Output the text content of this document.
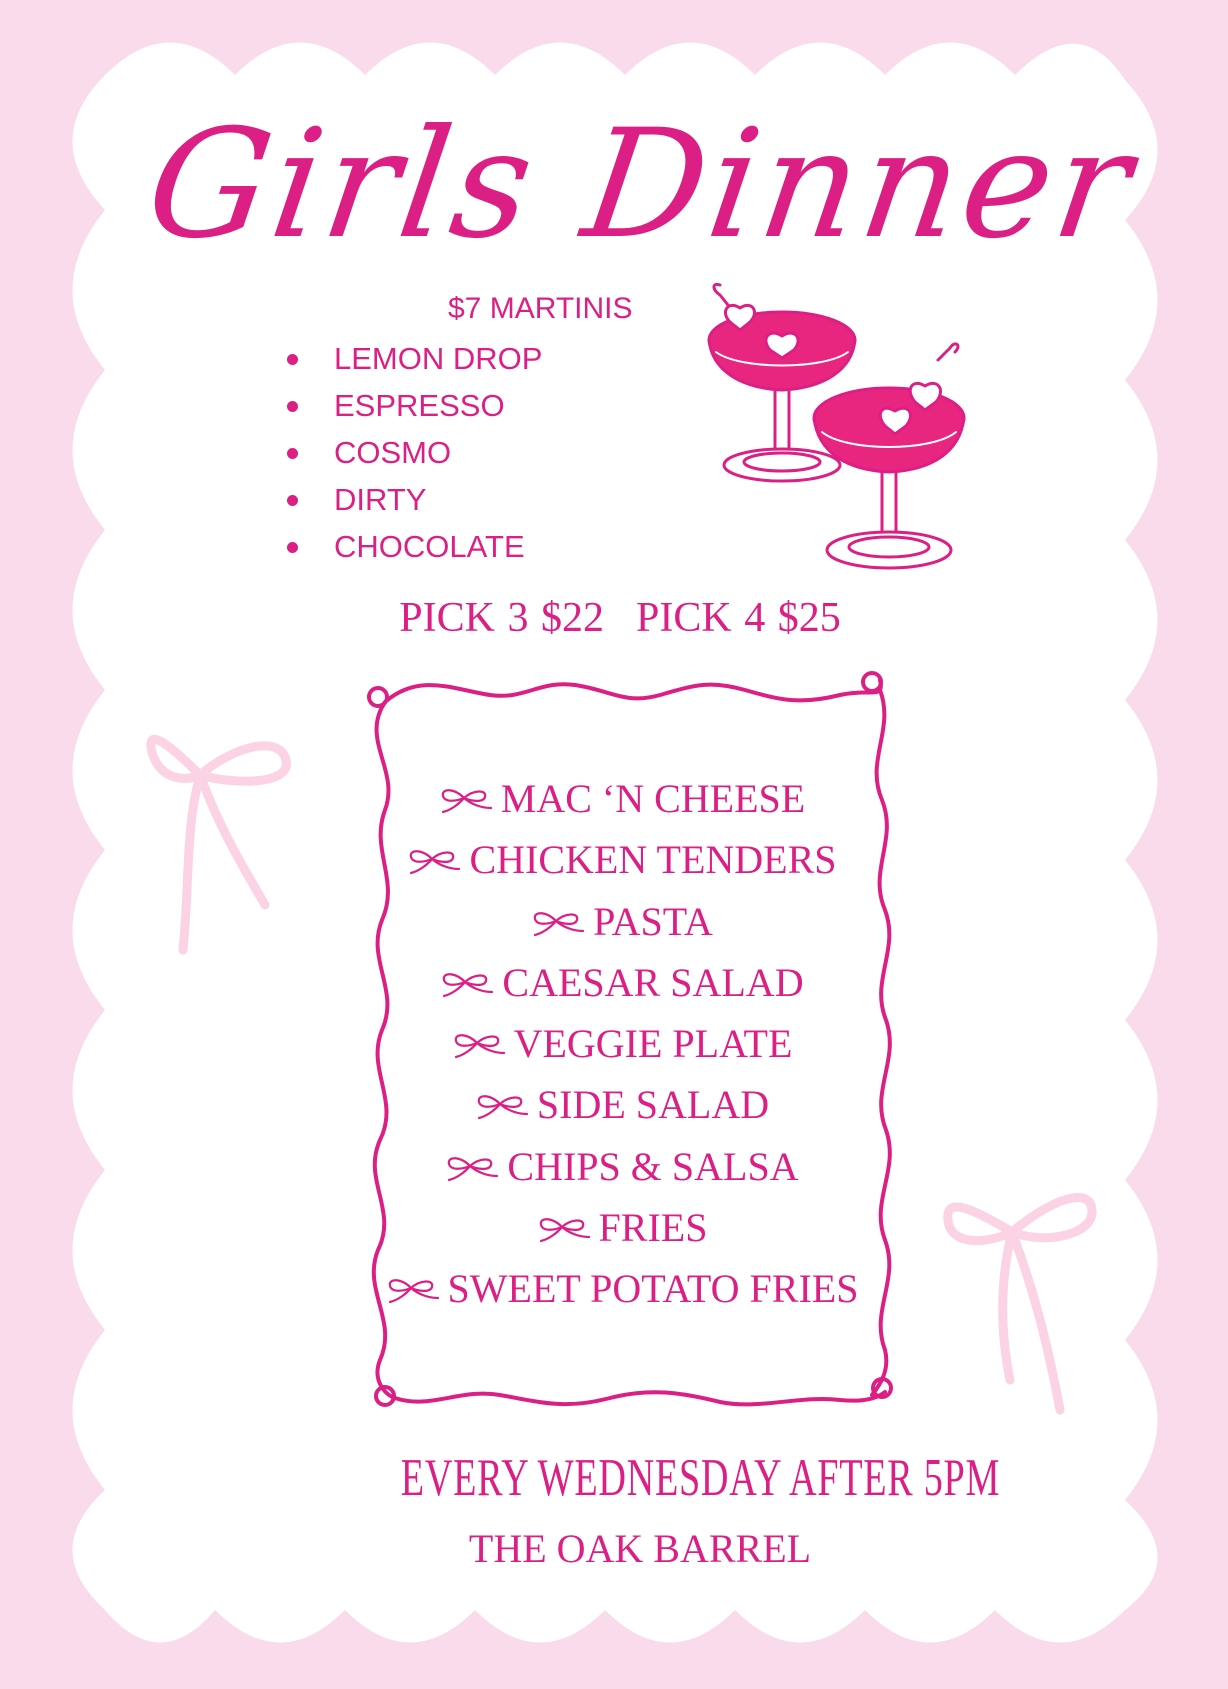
Girls Dinner
$7 MARTINIS
LEMON DROP
ESPRESSO
COSMO
DIRTY
CHOCOLATE
PICK 3 $22 PICK 4 $25
MAC ‘N CHEESE
CHICKEN TENDERS
PASTA
CAESAR SALAD
VEGGIE PLATE
SIDE SALAD
CHIPS & SALSA
FRIES
SWEET POTATO FRIES
EVERY WEDNESDAY AFTER 5PM
THE OAK BARREL
